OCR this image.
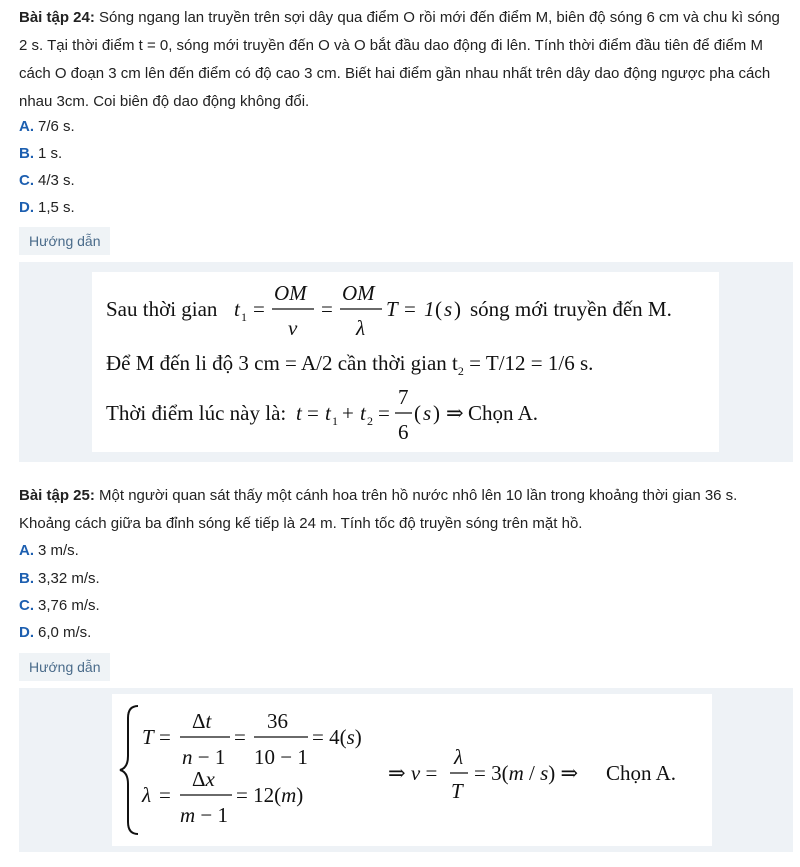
Bài tập 24: Sóng ngang lan truyền trên sợi dây qua điểm O rồi mới đến điểm M, biên độ sóng 6 cm và chu kì sóng 2 s. Tại thời điểm t = 0, sóng mới truyền đến O và O bắt đầu dao động đi lên. Tính thời điểm đầu tiên để điểm M cách O đoạn 3 cm lên đến điểm có độ cao 3 cm. Biết hai điểm gần nhau nhất trên dây dao động ngược pha cách nhau 3cm. Coi biên độ dao động không đổi.
A. 7/6 s.
B. 1 s.
C. 4/3 s.
D. 1,5 s.
Hướng dẫn
Sau thời gian t 1 =
OM
v
=
OM
λ
T = 1 ( s ) sóng mới truyền đến M.
Để M đến li độ 3 cm = A/2 cần thời gian $t_2 = T/12 = 1/6$ s.
Thời điểm lúc này là: t = t 1 + t 2 =
7
6
( s ) ⇒ Chọn A.
Bài tập 25: Một người quan sát thấy một cánh hoa trên hồ nước nhô lên 10 lần trong khoảng thời gian 36 s. Khoảng cách giữa ba đỉnh sóng kế tiếp là 24 m. Tính tốc độ truyền sóng trên mặt hồ.
A. 3 m/s.
B. 3,32 m/s.
C. 3,76 m/s.
D. 6,0 m/s.
Hướng dẫn
T =
Δt
n − 1
=
36
10 − 1
= 4(s)
λ =
Δx
m − 1
= 12(m)
⇒ v =
λ
T
= 3(m / s) ⇒ Chọn A.
